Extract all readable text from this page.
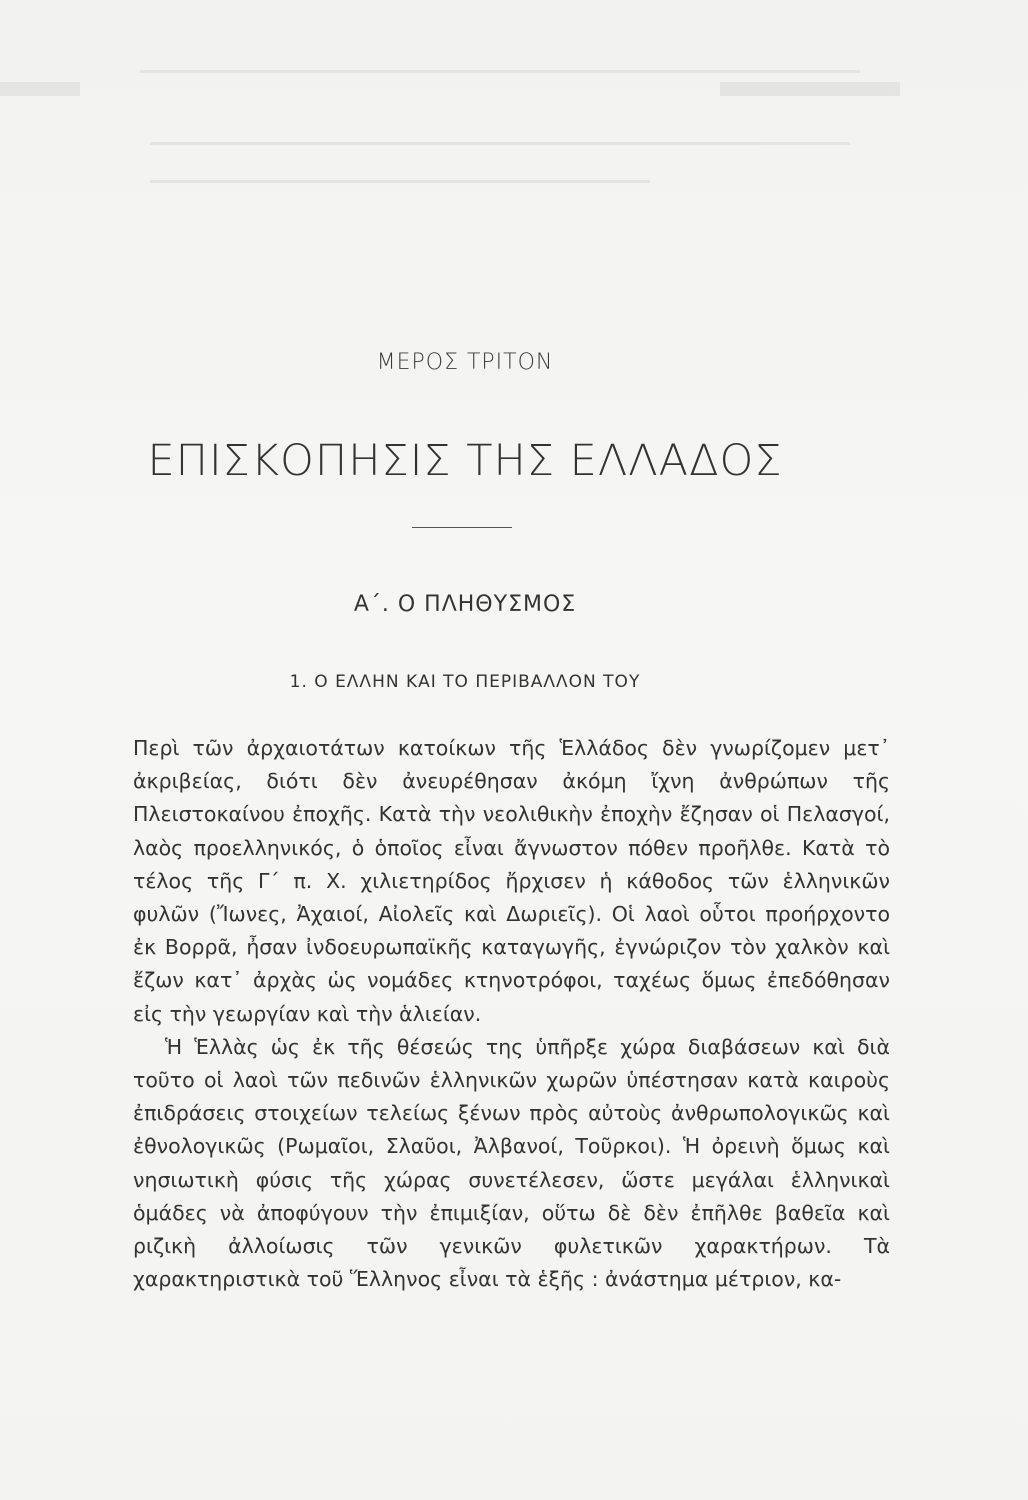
ΜΕΡΟΣ ΤΡΙΤΟΝ
ΕΠΙΣΚΟΠΗΣΙΣ ΤΗΣ ΕΛΛΑΔΟΣ
Α΄. Ο ΠΛΗΘΥΣΜΟΣ
1. Ο ΕΛΛΗΝ ΚΑΙ ΤΟ ΠΕΡΙΒΑΛΛΟΝ ΤΟΥ

Περὶ τῶν ἀρχαιοτάτων κατοίκων τῆς Ἑλλάδος δὲν γνωρίζομεν μετ᾿ ἀκριβείας, διότι δὲν ἀνευρέθησαν ἀκόμη ἴχνη ἀνθρώπων τῆς Πλειστοκαίνου ἐποχῆς. Κατὰ τὴν νεολιθικὴν ἐποχὴν ἔζησαν οἱ Πελασγοί, λαὸς προελληνικός, ὁ ὁποῖος εἶναι ἄγνωστον πόθεν προῆλθε. Κατὰ τὸ τέλος τῆς Γ΄ π. Χ. χιλιετηρίδος ἤρχισεν ἡ κάθοδος τῶν ἑλληνικῶν φυλῶν (Ἴωνες, Ἀχαιοί, Αἰολεῖς καὶ Δωριεῖς). Οἱ λαοὶ οὗτοι προήρχοντο ἐκ Βορρᾶ, ἦσαν ἰνδοευρωπαϊκῆς καταγωγῆς, ἐγνώριζον τὸν χαλκὸν καὶ ἔζων κατ᾿ ἀρχὰς ὡς νομάδες κτηνοτρόφοι, ταχέως ὅμως ἐπεδόθησαν εἰς τὴν γεωργίαν καὶ τὴν ἁλιείαν.

Ἡ Ἑλλὰς ὡς ἐκ τῆς θέσεώς της ὑπῆρξε χώρα διαβάσεων καὶ διὰ τοῦτο οἱ λαοὶ τῶν πεδινῶν ἑλληνικῶν χωρῶν ὑπέστησαν κατὰ καιροὺς ἐπιδράσεις στοιχείων τελείως ξένων πρὸς αὐτοὺς ἀνθρωπολογικῶς καὶ ἐθνολογικῶς (Ρωμαῖοι, Σλαῦοι, Ἀλβανοί, Τοῦρκοι). Ἡ ὀρεινὴ ὅμως καὶ νησιωτικὴ φύσις τῆς χώρας συνετέλεσεν, ὥστε μεγάλαι ἑλληνικαὶ ὁμάδες νὰ ἀποφύγουν τὴν ἐπιμιξίαν, οὕτω δὲ δὲν ἐπῆλθε βαθεῖα καὶ ριζικὴ ἀλλοίωσις τῶν γενικῶν φυλετικῶν χαρακτήρων. Τὰ χαρακτηριστικὰ τοῦ Ἕλληνος εἶναι τὰ ἑξῆς : ἀνάστημα μέτριον, κα-
